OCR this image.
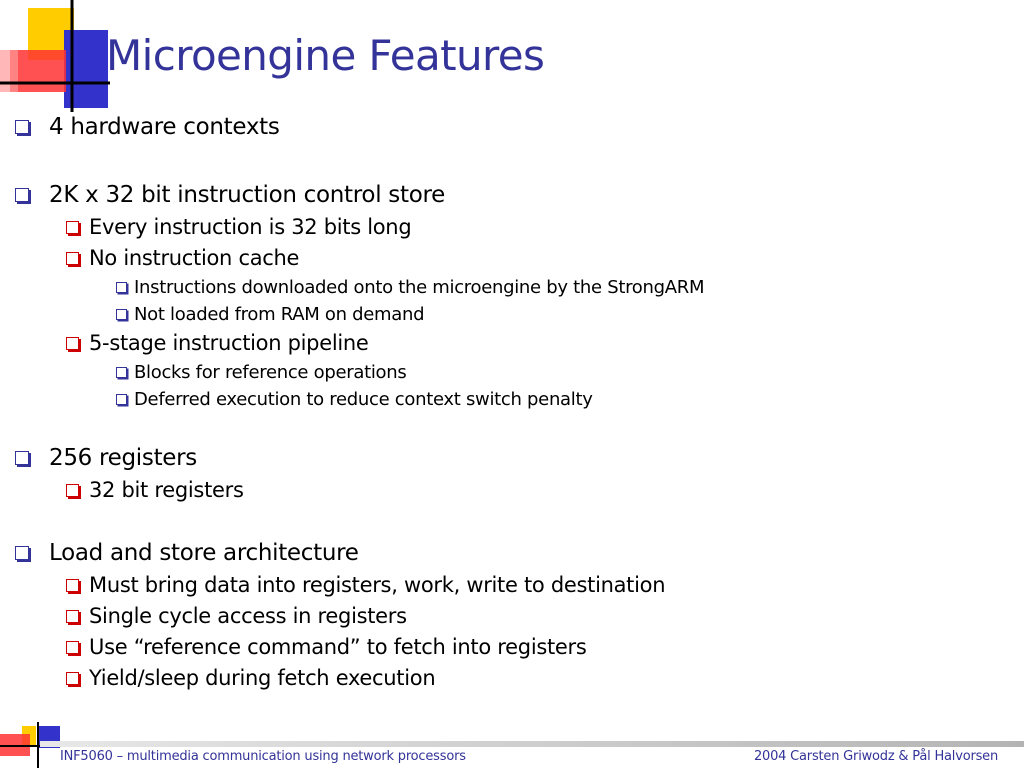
Microengine Features
4 hardware contexts
2K x 32 bit instruction control store
Every instruction is 32 bits long
No instruction cache
Instructions downloaded onto the microengine by the StrongARM
Not loaded from RAM on demand
5-stage instruction pipeline
Blocks for reference operations
Deferred execution to reduce context switch penalty
256 registers
32 bit registers
Load and store architecture
Must bring data into registers, work, write to destination
Single cycle access in registers
Use “reference command” to fetch into registers
Yield/sleep during fetch execution
INF5060 – multimedia communication using network processors	2004 Carsten Griwodz & Pål Halvorsen
